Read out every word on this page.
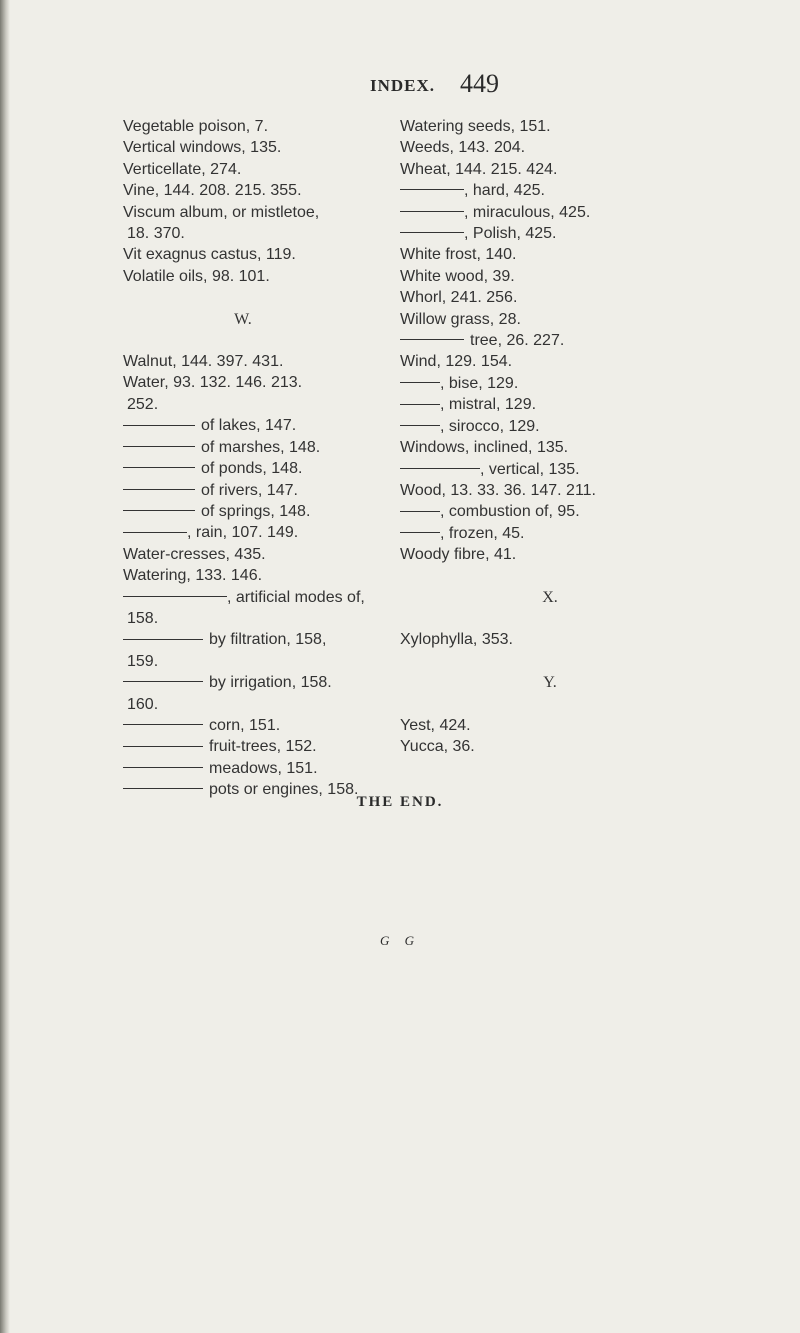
INDEX. 449
Vegetable poison, 7.
Vertical windows, 135.
Verticellate, 274.
Vine, 144. 208. 215. 355.
Viscum album, or mistletoe,
18. 370.
Vit exagnus castus, 119.
Volatile oils, 98. 101.

W.

Walnut, 144. 397. 431.
Water, 93. 132. 146. 213.
252.
of lakes, 147.
of marshes, 148.
of ponds, 148.
of rivers, 147.
of springs, 148.
, rain, 107. 149.
Water-cresses, 435.
Watering, 133. 146.
, artificial modes of,
158.
by filtration, 158,
159.
by irrigation, 158.
160.
corn, 151.
fruit-trees, 152.
meadows, 151.
pots or engines, 158.
Watering seeds, 151.
Weeds, 143. 204.
Wheat, 144. 215. 424.
, hard, 425.
, miraculous, 425.
, Polish, 425.
White frost, 140.
White wood, 39.
Whorl, 241. 256.
Willow grass, 28.
tree, 26. 227.
Wind, 129. 154.
, bise, 129.
, mistral, 129.
, sirocco, 129.
Windows, inclined, 135.
, vertical, 135.
Wood, 13. 33. 36. 147. 211.
, combustion of, 95.
, frozen, 45.
Woody fibre, 41.

X.

Xylophylla, 353.

Y.

Yest, 424.
Yucca, 36.
THE END.
G G
